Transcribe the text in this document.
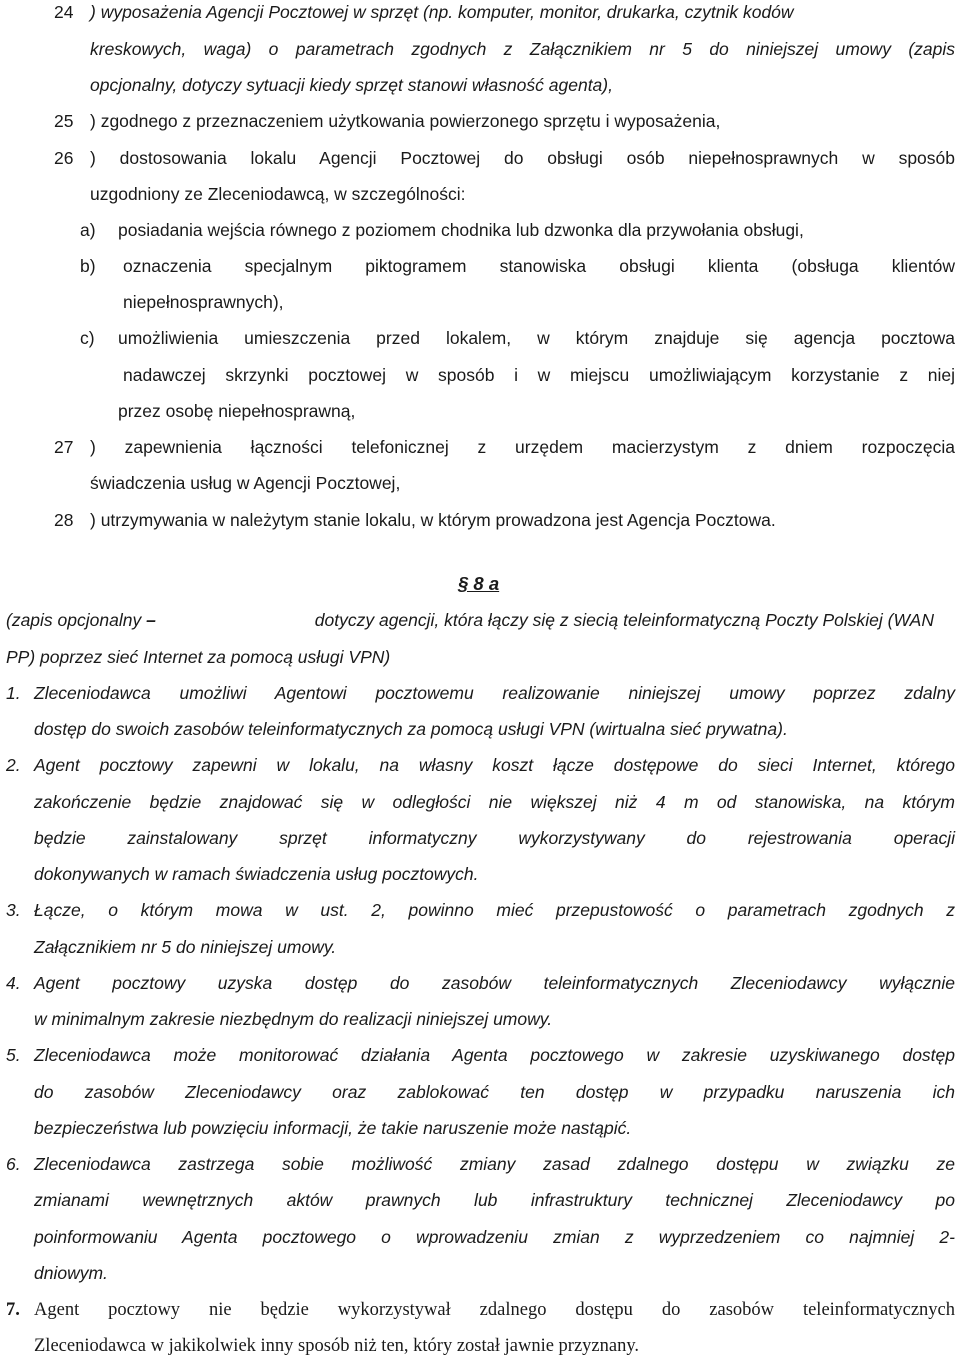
24 ) wyposażenia Agencji Pocztowej w sprzęt (np. komputer, monitor, drukarka, czytnik kodów
kreskowych, waga) o parametrach zgodnych z Załącznikiem nr 5 do niniejszej umowy (zapis
opcjonalny, dotyczy sytuacji kiedy sprzęt stanowi własność agenta),
25 ) zgodnego z przeznaczeniem użytkowania powierzonego sprzętu i wyposażenia,
26 ) dostosowania lokalu Agencji Pocztowej do obsługi osób niepełnosprawnych w sposób
uzgodniony ze Zleceniodawcą, w szczególności:
a) posiadania wejścia równego z poziomem chodnika lub dzwonka dla przywołania obsługi,
b) oznaczenia specjalnym piktogramem stanowiska obsługi klienta (obsługa klientów
niepełnosprawnych),
c) umożliwienia umieszczenia przed lokalem, w którym znajduje się agencja pocztowa
nadawczej skrzynki pocztowej w sposób i w miejscu umożliwiającym korzystanie z niej
przez osobę niepełnosprawną,
27 ) zapewnienia łączności telefonicznej z urzędem macierzystym z dniem rozpoczęcia
świadczenia usług w Agencji Pocztowej,
28 ) utrzymywania w należytym stanie lokalu, w którym prowadzona jest Agencja Pocztowa.
§ 8 a
(zapis opcjonalny –	dotyczy agencji, która łączy się z siecią teleinformatyczną Poczty Polskiej (WAN
PP) poprzez sieć Internet za pomocą usługi VPN)
1. Zleceniodawca umożliwi Agentowi pocztowemu realizowanie niniejszej umowy poprzez zdalny
dostęp do swoich zasobów teleinformatycznych za pomocą usługi VPN (wirtualna sieć prywatna).
2. Agent pocztowy zapewni w lokalu, na własny koszt łącze dostępowe do sieci Internet, którego
zakończenie będzie znajdować się w odległości nie większej niż 4 m od stanowiska, na którym
będzie zainstalowany sprzęt informatyczny wykorzystywany do rejestrowania operacji
dokonywanych w ramach świadczenia usług pocztowych.
3. Łącze, o którym mowa w ust. 2, powinno mieć przepustowość o parametrach zgodnych z
Załącznikiem nr 5 do niniejszej umowy.
4. Agent pocztowy uzyska dostęp do zasobów teleinformatycznych Zleceniodawcy wyłącznie
w minimalnym zakresie niezbędnym do realizacji niniejszej umowy.
5. Zleceniodawca może monitorować działania Agenta pocztowego w zakresie uzyskiwanego dostęp
do zasobów Zleceniodawcy oraz zablokować ten dostęp w przypadku naruszenia ich
bezpieczeństwa lub powzięciu informacji, że takie naruszenie może nastąpić.
6. Zleceniodawca zastrzega sobie możliwość zmiany zasad zdalnego dostępu w związku ze
zmianami wewnętrznych aktów prawnych lub infrastruktury technicznej Zleceniodawcy po
poinformowaniu Agenta pocztowego o wprowadzeniu zmian z wyprzedzeniem co najmniej 2-
dniowym.
7. Agent pocztowy nie będzie wykorzystywał zdalnego dostępu do zasobów teleinformatycznych
Zleceniodawca w jakikolwiek inny sposób niż ten, który został jawnie przyznany.
